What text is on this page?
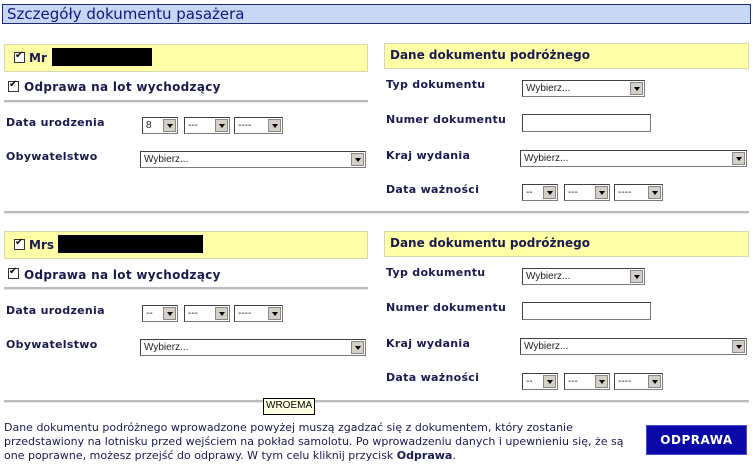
Szczegóły dokumentu pasażera
✔
Mr
✔
Odprawa na lot wychodzący
Data urodzenia	8	---	----
Obywatelstwo	Wybierz...
Dane dokumentu podróżnego
Typ dokumentu	Wybierz...
Numer dokumentu
Kraj wydania	Wybierz...
Data ważności	--	---	----
✔
Mrs
✔
Odprawa na lot wychodzący
Data urodzenia	--	---	----
Obywatelstwo	Wybierz...
Dane dokumentu podróżnego
Typ dokumentu	Wybierz...
Numer dokumentu
Kraj wydania	Wybierz...
Data ważności	--	---	----
WROEMA
Dane dokumentu podróżnego wprowadzone powyżej muszą zgadzać się z dokumentem, który zostanie przedstawiony na lotnisku przed wejściem na pokład samolotu. Po wprowadzeniu danych i upewnieniu się, że są one poprawne, możesz przejść do odprawy. W tym celu kliknij przycisk Odprawa.
ODPRAWA
